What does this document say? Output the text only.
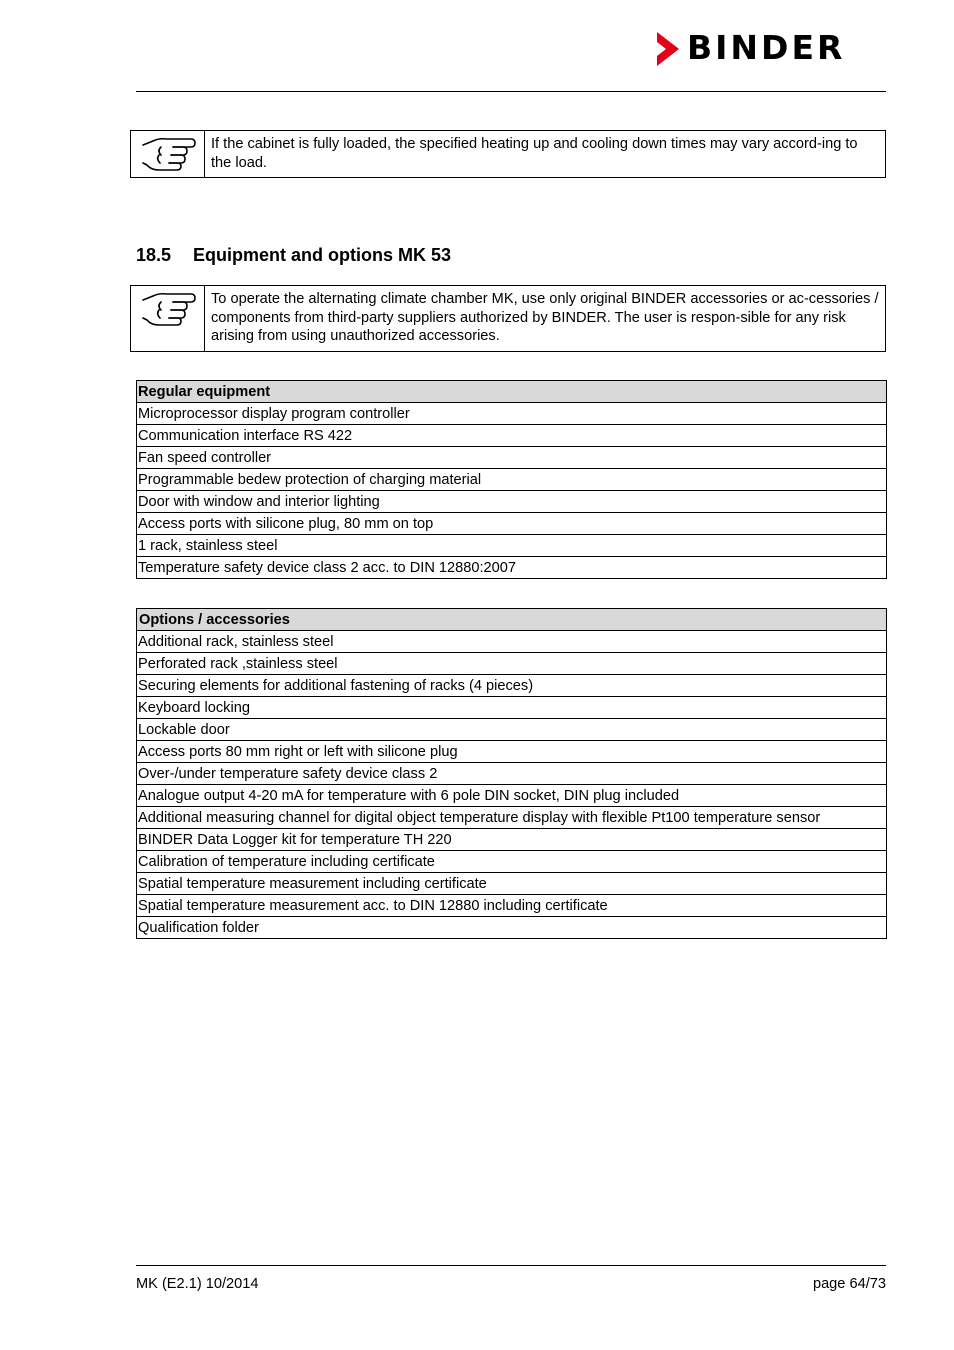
BINDER
If the cabinet is fully loaded, the specified heating up and cooling down times may vary accord-ing to the load.
18.5 Equipment and options MK 53
To operate the alternating climate chamber MK, use only original BINDER accessories or ac-cessories / components from third-party suppliers authorized by BINDER. The user is respon-sible for any risk arising from using unauthorized accessories.
Regular equipment
Microprocessor display program controller
Communication interface RS 422
Fan speed controller
Programmable bedew protection of charging material
Door with window and interior lighting
Access ports with silicone plug, 80 mm on top
1 rack, stainless steel
Temperature safety device class 2 acc. to DIN 12880:2007
Options / accessories
Additional rack, stainless steel
Perforated rack ,stainless steel
Securing elements for additional fastening of racks (4 pieces)
Keyboard locking
Lockable door
Access ports 80 mm right or left with silicone plug
Over-/under temperature safety device class 2
Analogue output 4-20 mA for temperature with 6 pole DIN socket, DIN plug included
Additional measuring channel for digital object temperature display with flexible Pt100 temperature sensor
BINDER Data Logger kit for temperature TH 220
Calibration of temperature including certificate
Spatial temperature measurement including certificate
Spatial temperature measurement acc. to DIN 12880 including certificate
Qualification folder
MK (E2.1) 10/2014	page 64/73
